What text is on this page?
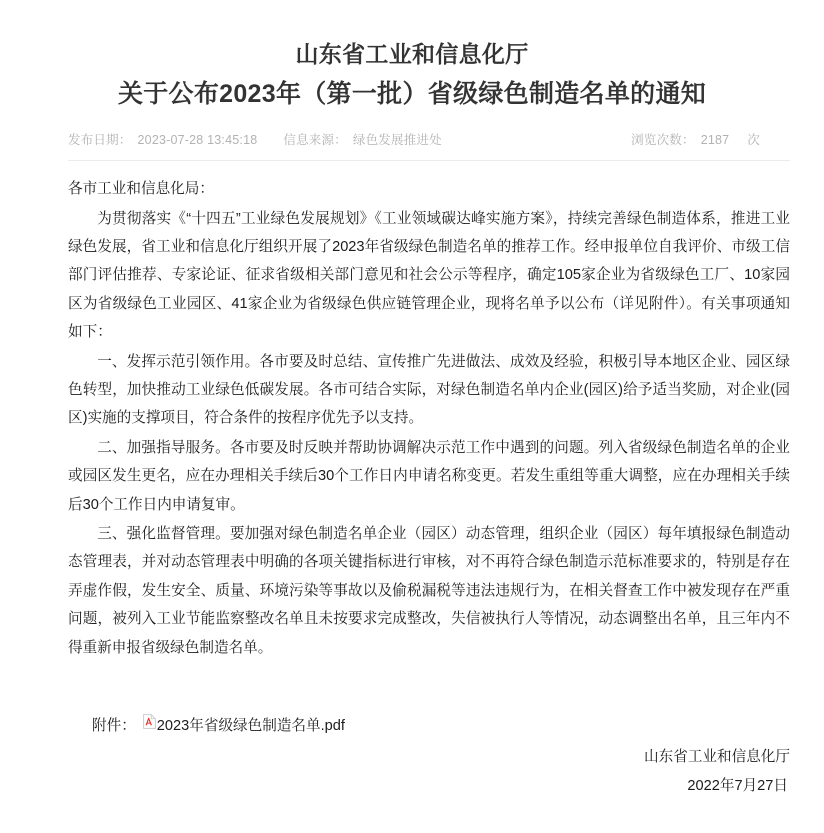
山东省工业和信息化厅
关于公布2023年（第一批）省级绿色制造名单的通知
发布日期： 2023-07-28 13:45:18 信息来源： 绿色发展推进处	浏览次数： 2187 次

各市工业和信息化局：

为贯彻落实《“十四五”工业绿色发展规划》《工业领域碳达峰实施方案》，持续完善绿色制造体系，推进工业绿色发展，省工业和信息化厅组织开展了2023年省级绿色制造名单的推荐工作。经申报单位自我评价、市级工信部门评估推荐、专家论证、征求省级相关部门意见和社会公示等程序，确定105家企业为省级绿色工厂、10家园区为省级绿色工业园区、41家企业为省级绿色供应链管理企业，现将名单予以公布（详见附件）。有关事项通知如下：

一、发挥示范引领作用。各市要及时总结、宣传推广先进做法、成效及经验，积极引导本地区企业、园区绿色转型，加快推动工业绿色低碳发展。各市可结合实际，对绿色制造名单内企业(园区)给予适当奖励，对企业(园区)实施的支撑项目，符合条件的按程序优先予以支持。

二、加强指导服务。各市要及时反映并帮助协调解决示范工作中遇到的问题。列入省级绿色制造名单的企业或园区发生更名，应在办理相关手续后30个工作日内申请名称变更。若发生重组等重大调整，应在办理相关手续后30个工作日内申请复审。

三、强化监督管理。要加强对绿色制造名单企业（园区）动态管理，组织企业（园区）每年填报绿色制造动态管理表，并对动态管理表中明确的各项关键指标进行审核，对不再符合绿色制造示范标准要求的，特别是存在弄虚作假，发生安全、质量、环境污染等事故以及偷税漏税等违法违规行为，在相关督查工作中被发现存在严重问题，被列入工业节能监察整改名单且未按要求完成整改，失信被执行人等情况，动态调整出名单，且三年内不得重新申报省级绿色制造名单。

附件： 2023年省级绿色制造名单.pdf
山东省工业和信息化厅
2022年7月27日
